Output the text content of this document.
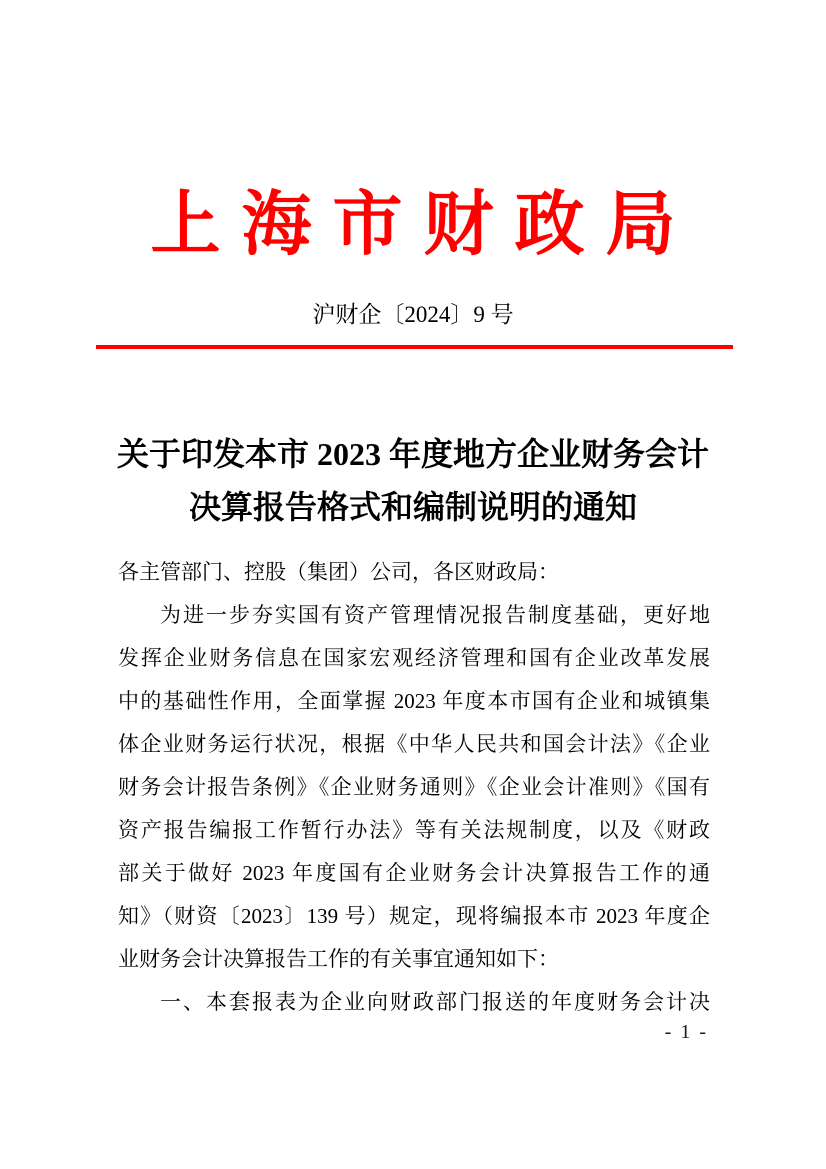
上海市财政局
沪财企〔2024〕9 号
关于印发本市 2023 年度地方企业财务会计
决算报告格式和编制说明的通知
各主管部门、控股（集团）公司，各区财政局：
为进一步夯实国有资产管理情况报告制度基础，更好地
发挥企业财务信息在国家宏观经济管理和国有企业改革发展
中的基础性作用，全面掌握 2023 年度本市国有企业和城镇集
体企业财务运行状况，根据《中华人民共和国会计法》《企业
财务会计报告条例》《企业财务通则》《企业会计准则》《国有
资产报告编报工作暂行办法》等有关法规制度，以及《财政
部关于做好 2023 年度国有企业财务会计决算报告工作的通
知》（财资〔2023〕139 号）规定，现将编报本市 2023 年度企
业财务会计决算报告工作的有关事宜通知如下：
一、本套报表为企业向财政部门报送的年度财务会计决
- 1 -
